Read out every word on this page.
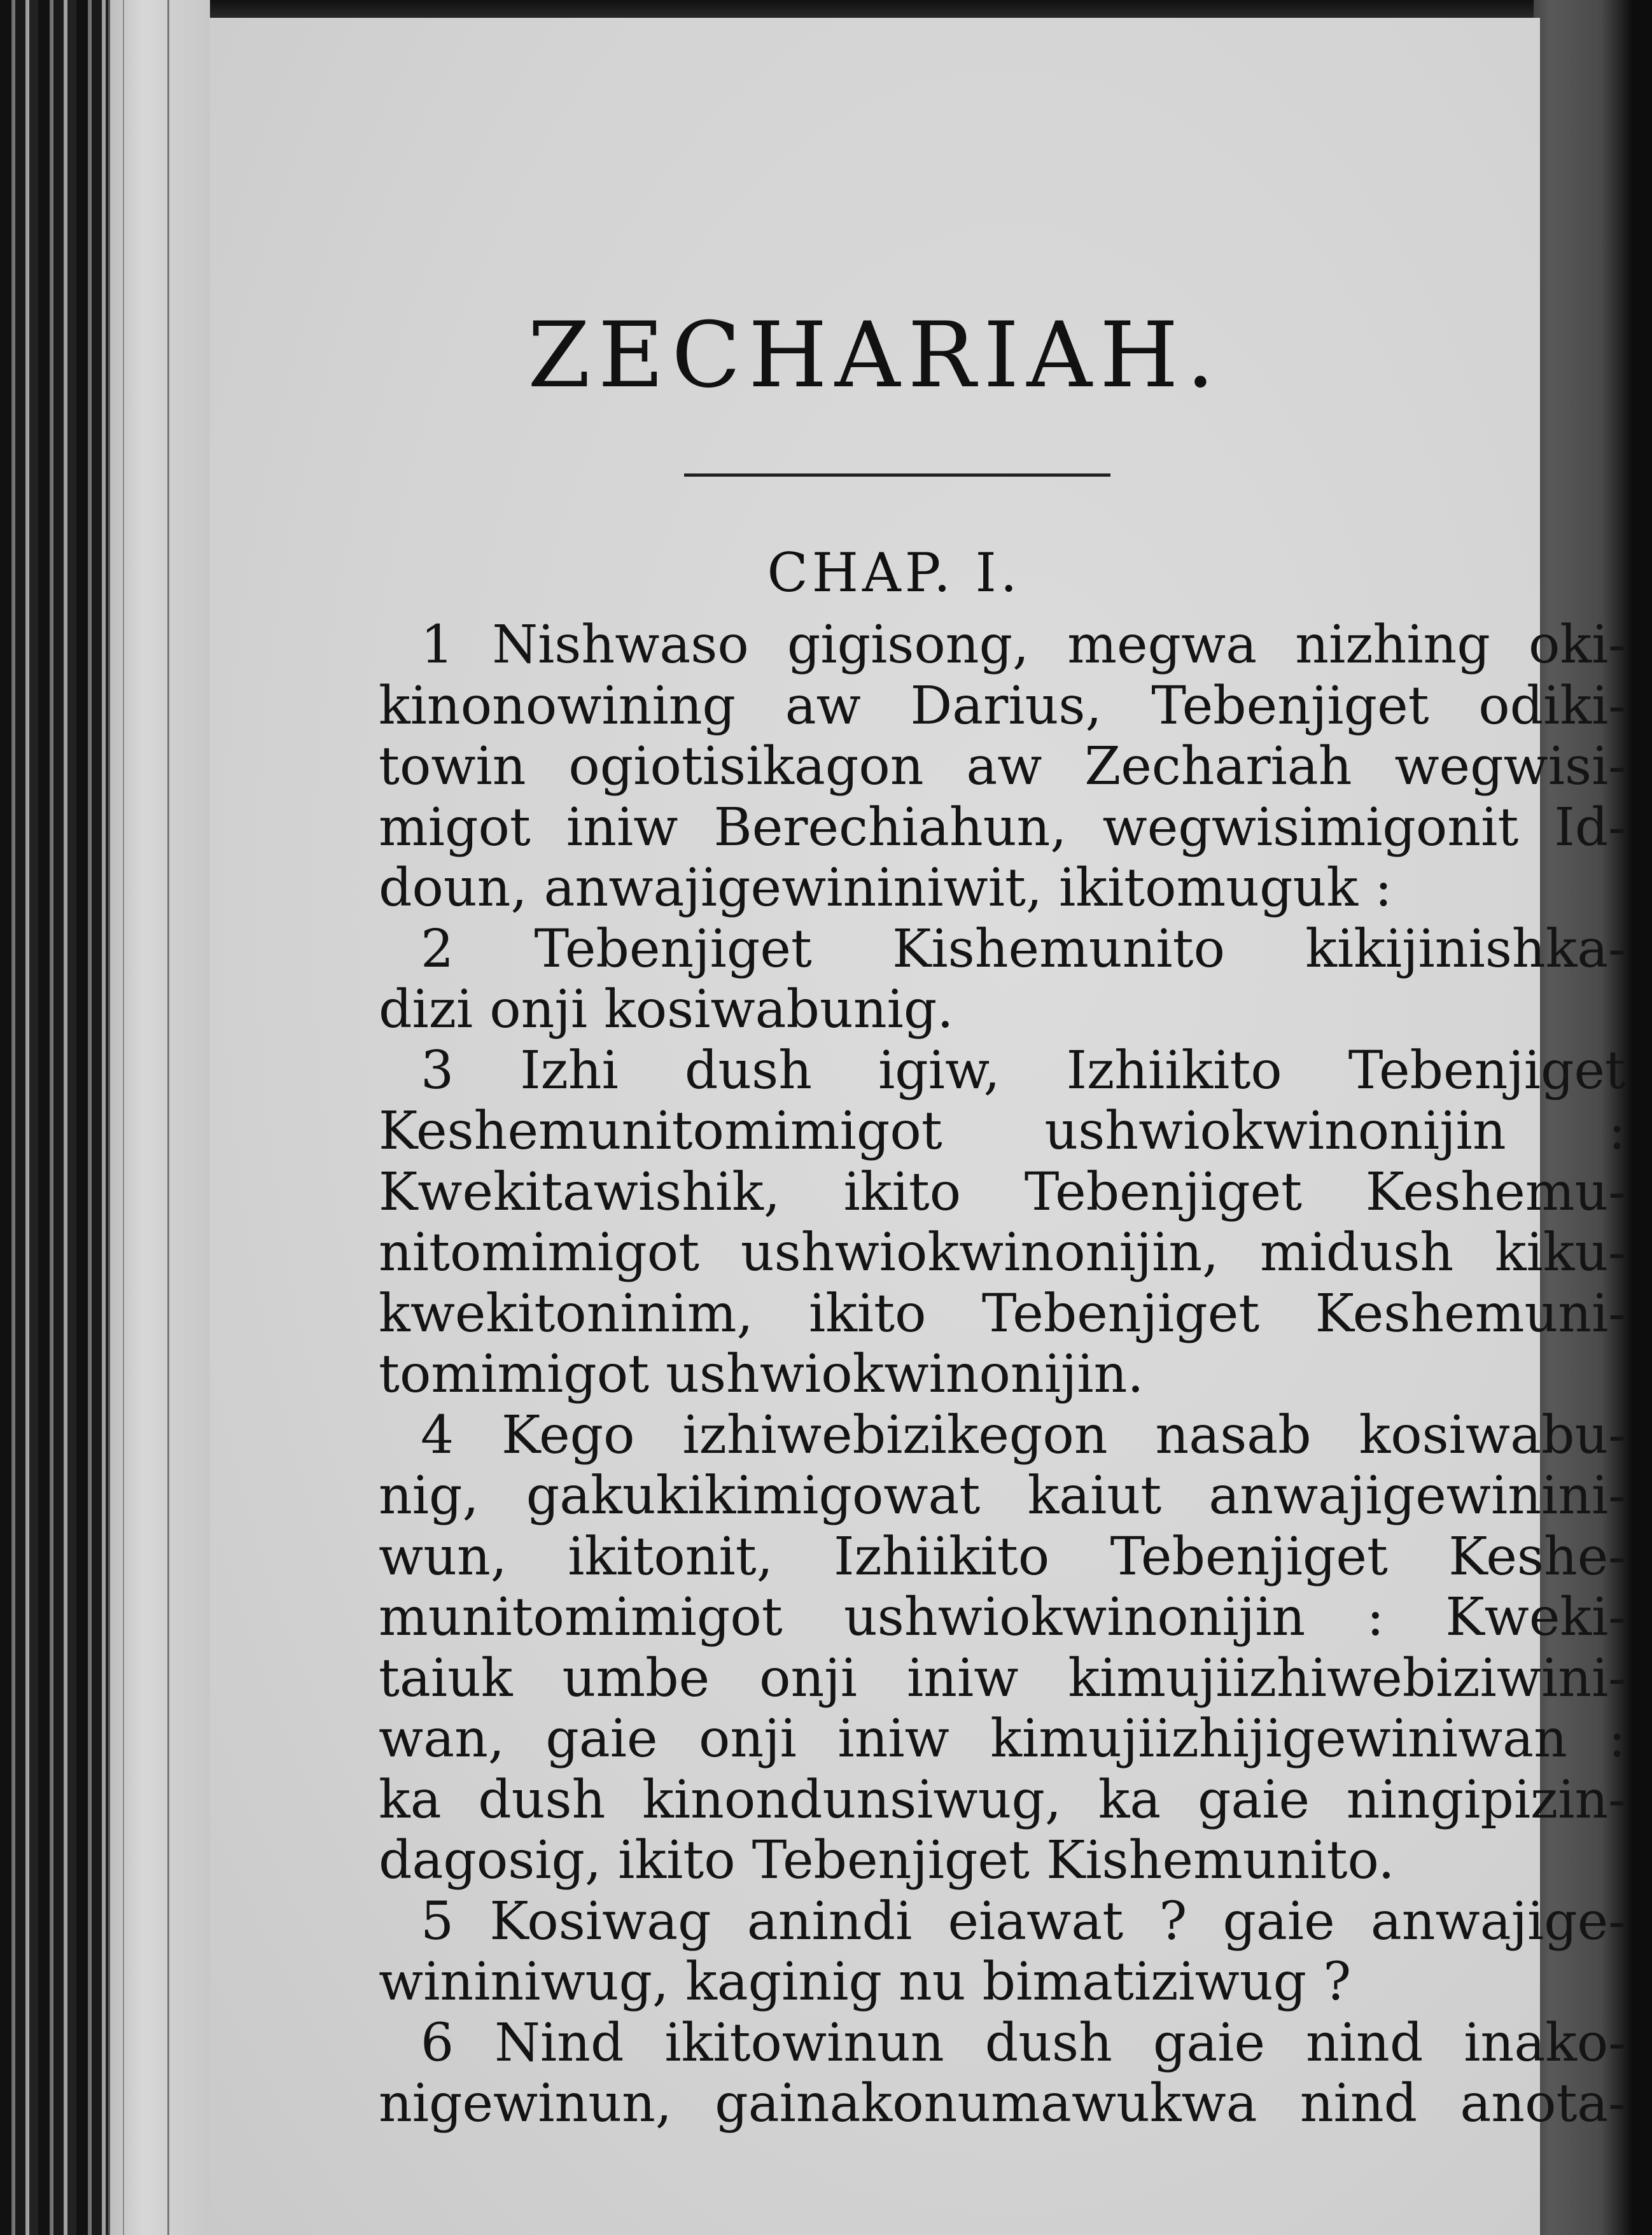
ZECHARIAH.
CHAP. I.
1 Nishwaso gigisong, megwa nizhing oki-
kinonowining aw Darius, Tebenjiget odiki-
towin ogiotisikagon aw Zechariah wegwisi-
migot iniw Berechiahun, wegwisimigonit Id-
doun, anwajigewininiwit, ikitomuguk :
2 Tebenjiget Kishemunito kikijinishka-
dizi onji kosiwabunig.
3 Izhi dush igiw, Izhiikito Tebenjiget
Keshemunitomimigot ushwiokwinonijin :
Kwekitawishik, ikito Tebenjiget Keshemu-
nitomimigot ushwiokwinonijin, midush kiku-
kwekitoninim, ikito Tebenjiget Keshemuni-
tomimigot ushwiokwinonijin.
4 Kego izhiwebizikegon nasab kosiwabu-
nig, gakukikimigowat kaiut anwajigewinini-
wun, ikitonit, Izhiikito Tebenjiget Keshe-
munitomimigot ushwiokwinonijin : Kweki-
taiuk umbe onji iniw kimujiizhiwebiziwini-
wan, gaie onji iniw kimujiizhijigewiniwan :
ka dush kinondunsiwug, ka gaie ningipizin-
dagosig, ikito Tebenjiget Kishemunito.
5 Kosiwag anindi eiawat ? gaie anwajige-
wininiwug, kaginig nu bimatiziwug ?
6 Nind ikitowinun dush gaie nind inako-
nigewinun, gainakonumawukwa nind anota-
